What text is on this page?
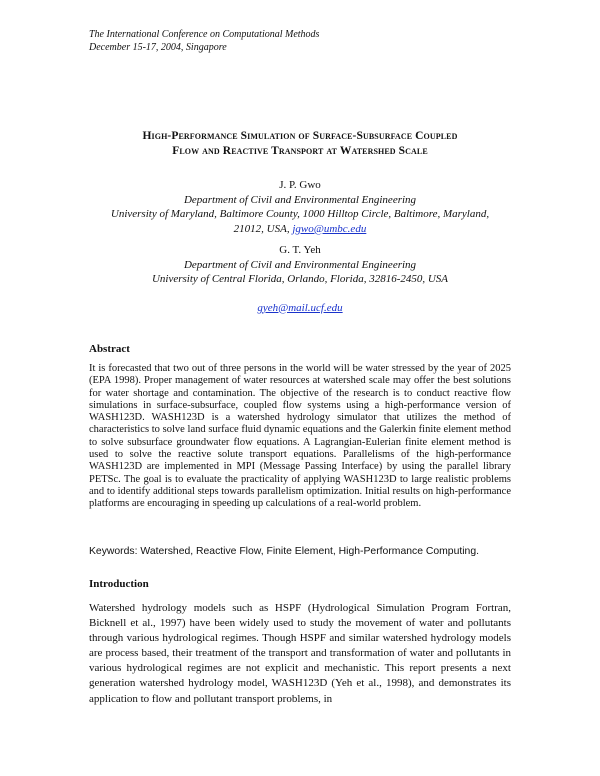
The International Conference on Computational Methods
December 15-17, 2004, Singapore
High-Performance Simulation of Surface-Subsurface Coupled
Flow and Reactive Transport at Watershed Scale
J. P. Gwo
Department of Civil and Environmental Engineering
University of Maryland, Baltimore County, 1000 Hilltop Circle, Baltimore, Maryland,
21012, USA, jgwo@umbc.edu
G. T. Yeh
Department of Civil and Environmental Engineering
University of Central Florida, Orlando, Florida, 32816-2450, USA
gyeh@mail.ucf.edu
Abstract
It is forecasted that two out of three persons in the world will be water stressed by the year of 2025 (EPA 1998). Proper management of water resources at watershed scale may offer the best solutions for water shortage and contamination. The objective of the research is to conduct reactive flow simulations in surface-subsurface, coupled flow systems using a high-performance version of WASH123D. WASH123D is a watershed hydrology simulator that utilizes the method of characteristics to solve land surface fluid dynamic equations and the Galerkin finite element method to solve subsurface groundwater flow equations. A Lagrangian-Eulerian finite element method is used to solve the reactive solute transport equations. Parallelisms of the high-performance WASH123D are implemented in MPI (Message Passing Interface) by using the parallel library PETSc. The goal is to evaluate the practicality of applying WASH123D to large realistic problems and to identify additional steps towards parallelism optimization. Initial results on high-performance platforms are encouraging in speeding up calculations of a real-world problem.
Keywords: Watershed, Reactive Flow, Finite Element, High-Performance Computing.
Introduction
Watershed hydrology models such as HSPF (Hydrological Simulation Program Fortran, Bicknell et al., 1997) have been widely used to study the movement of water and pollutants through various hydrological regimes. Though HSPF and similar watershed hydrology models are process based, their treatment of the transport and transformation of water and pollutants in various hydrological regimes are not explicit and mechanistic. This report presents a next generation watershed hydrology model, WASH123D (Yeh et al., 1998), and demonstrates its application to flow and pollutant transport problems, in
